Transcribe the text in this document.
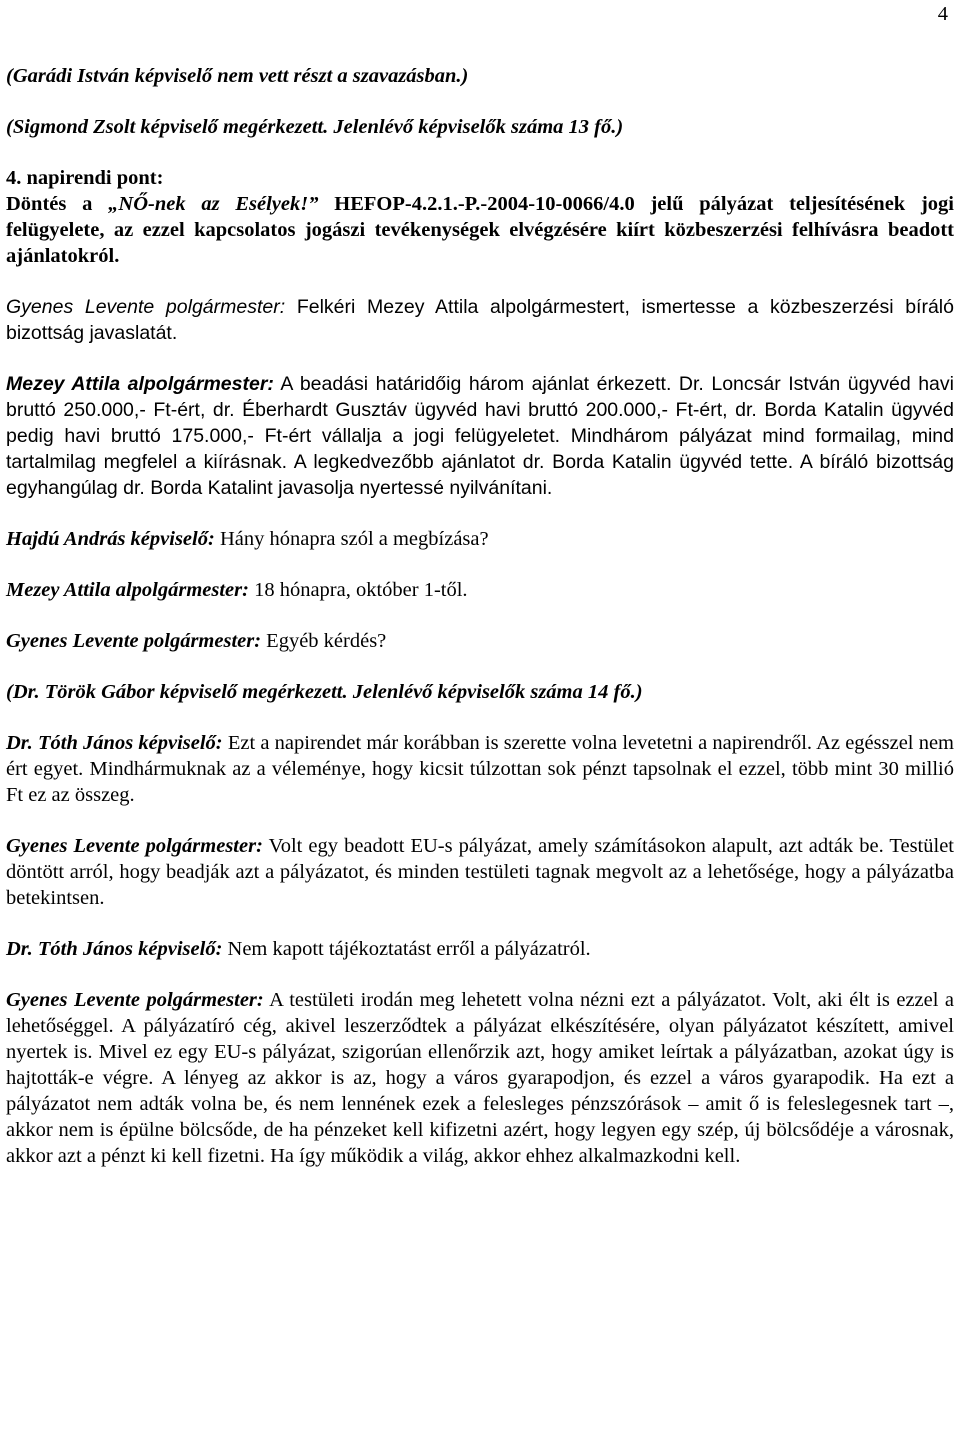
4

(Garádi István képviselő nem vett részt a szavazásban.)

(Sigmond Zsolt képviselő megérkezett. Jelenlévő képviselők száma 13 fő.)

4. napirendi pont:

Döntés a „NŐ-nek az Esélyek!” HEFOP-4.2.1.-P.-2004-10-0066/4.0 jelű pályázat teljesítésének jogi felügyelete, az ezzel kapcsolatos jogászi tevékenységek elvégzésére kiírt közbeszerzési felhívásra beadott ajánlatokról.

Gyenes Levente polgármester: Felkéri Mezey Attila alpolgármestert, ismertesse a közbeszerzési bíráló bizottság javaslatát.

Mezey Attila alpolgármester: A beadási határidőig három ajánlat érkezett. Dr. Loncsár István ügyvéd havi bruttó 250.000,- Ft-ért, dr. Éberhardt Gusztáv ügyvéd havi bruttó 200.000,- Ft-ért, dr. Borda Katalin ügyvéd pedig havi bruttó 175.000,- Ft-ért vállalja a jogi felügyeletet. Mindhárom pályázat mind formailag, mind tartalmilag megfelel a kiírásnak. A legkedvezőbb ajánlatot dr. Borda Katalin ügyvéd tette. A bíráló bizottság egyhangúlag dr. Borda Katalint javasolja nyertessé nyilvánítani.

Hajdú András képviselő: Hány hónapra szól a megbízása?

Mezey Attila alpolgármester: 18 hónapra, október 1-től.

Gyenes Levente polgármester: Egyéb kérdés?

(Dr. Török Gábor képviselő megérkezett. Jelenlévő képviselők száma 14 fő.)

Dr. Tóth János képviselő: Ezt a napirendet már korábban is szerette volna levetetni a napirendről. Az egésszel nem ért egyet. Mindhármuknak az a véleménye, hogy kicsit túlzottan sok pénzt tapsolnak el ezzel, több mint 30 millió Ft ez az összeg.

Gyenes Levente polgármester: Volt egy beadott EU-s pályázat, amely számításokon alapult, azt adták be. Testület döntött arról, hogy beadják azt a pályázatot, és minden testületi tagnak megvolt az a lehetősége, hogy a pályázatba betekintsen.

Dr. Tóth János képviselő: Nem kapott tájékoztatást erről a pályázatról.

Gyenes Levente polgármester: A testületi irodán meg lehetett volna nézni ezt a pályázatot. Volt, aki élt is ezzel a lehetőséggel. A pályázatíró cég, akivel leszerződtek a pályázat elkészítésére, olyan pályázatot készített, amivel nyertek is. Mivel ez egy EU-s pályázat, szigorúan ellenőrzik azt, hogy amiket leírtak a pályázatban, azokat úgy is hajtották-e végre. A lényeg az akkor is az, hogy a város gyarapodjon, és ezzel a város gyarapodik. Ha ezt a pályázatot nem adták volna be, és nem lennének ezek a felesleges pénzszórások – amit ő is feleslegesnek tart –, akkor nem is épülne bölcsőde, de ha pénzeket kell kifizetni azért, hogy legyen egy szép, új bölcsődéje a városnak, akkor azt a pénzt ki kell fizetni. Ha így működik a világ, akkor ehhez alkalmazkodni kell.
